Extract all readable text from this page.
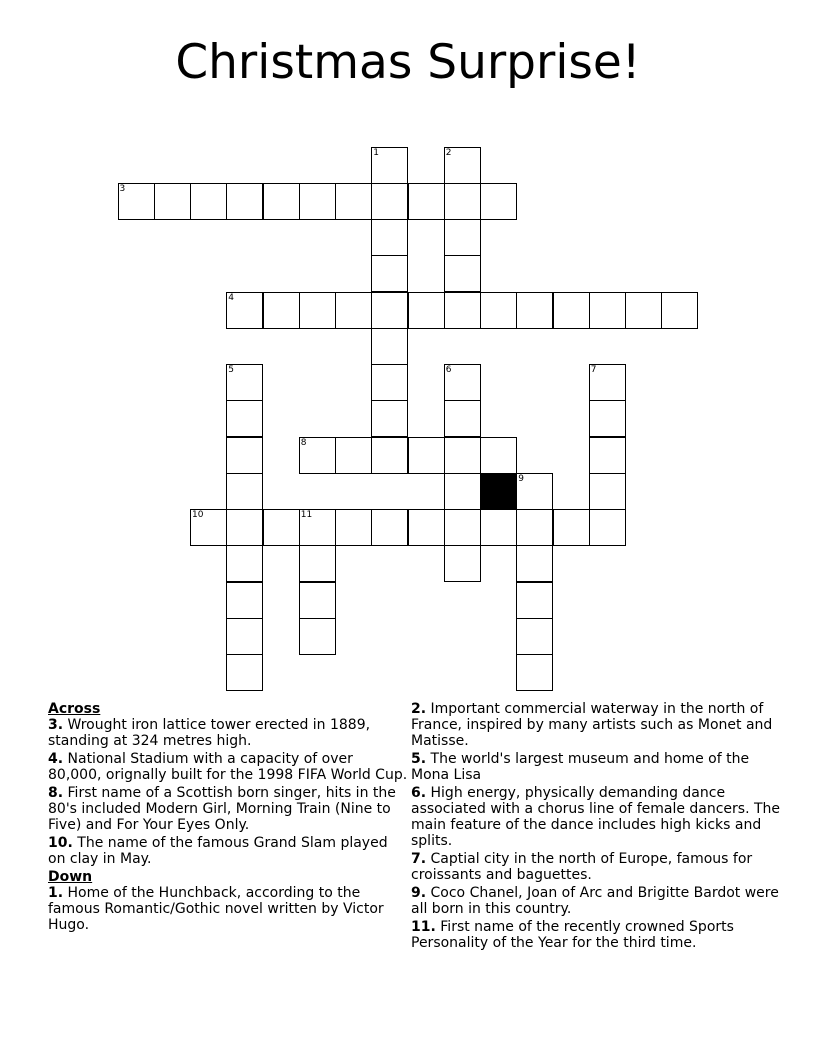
Christmas Surprise!
3
4
8
10	11
1	2
5	6	7
9
Across
3. Wrought iron lattice tower erected in 1889, standing at 324 metres high.
4. National Stadium with a capacity of over 80,000, orignally built for the 1998 FIFA World Cup.
8. First name of a Scottish born singer, hits in the 80's included Modern Girl, Morning Train (Nine to Five) and For Your Eyes Only.
10. The name of the famous Grand Slam played on clay in May.
Down
1. Home of the Hunchback, according to the famous Romantic/Gothic novel written by Victor Hugo.
2. Important commercial waterway in the north of France, inspired by many artists such as Monet and Matisse.
5. The world's largest museum and home of the Mona Lisa
6. High energy, physically demanding dance associated with a chorus line of female dancers. The main feature of the dance includes high kicks and splits.
7. Captial city in the north of Europe, famous for croissants and baguettes.
9. Coco Chanel, Joan of Arc and Brigitte Bardot were all born in this country.
11. First name of the recently crowned Sports Personality of the Year for the third time.
